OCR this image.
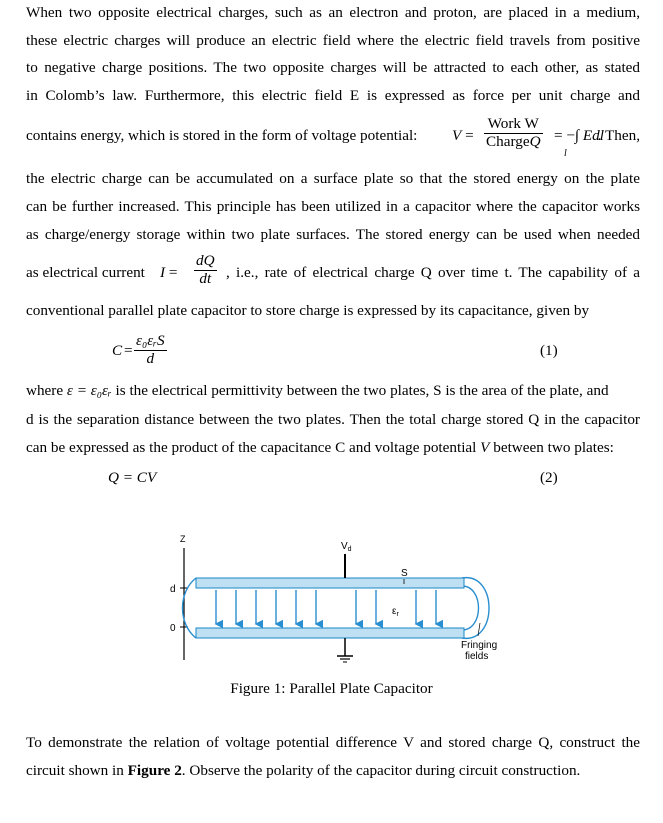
When two opposite electrical charges, such as an electron and proton, are placed in a medium,
these electric charges will produce an electric field where the electric field travels from positive
to negative charge positions. The two opposite charges will be attracted to each other, as stated
in Colomb’s law. Furthermore, this electric field E is expressed as force per unit charge and
contains energy, which is stored in the form of voltage potential: V =
Work W
ChargeQ = −∫ Edl
l
. Then,
the electric charge can be accumulated on a surface plate so that the stored energy on the plate
can be further increased. This principle has been utilized in a capacitor where the capacitor works
as charge/energy storage within two plate surfaces. The stored energy can be used when needed
as electrical current $I = \frac{dQ}{dt}$ , i.e., rate of electrical charge Q over time t. The capability of a
conventional parallel plate capacitor to store charge is expressed by its capacitance, given by
C =
ε₀εᵣS
d	(1)
where ε = ε₀εᵣ is the electrical permittivity between the two plates, S is the area of the plate, and
d is the separation distance between the two plates. Then the total charge stored Q in the capacitor
can be expressed as the product of the capacitance C and voltage potential V between two plates:
Q = CV	(2)
Z
d
0
$\varepsilon_r$
S
$V_d$
Fringing
fields
Figure 1: Parallel Plate Capacitor
To demonstrate the relation of voltage potential difference V and stored charge Q, construct the
circuit shown in Figure 2. Observe the polarity of the capacitor during circuit construction.
